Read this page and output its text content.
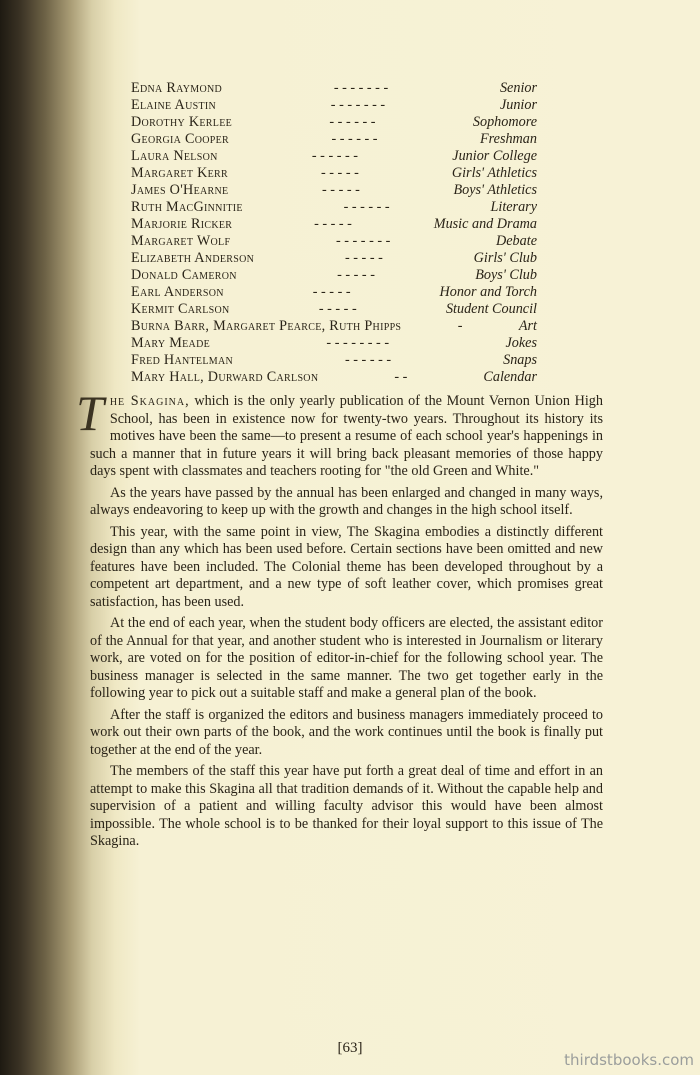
Edna Raymond	- - - - - - -	Senior
Elaine Austin	- - - - - - -	Junior
Dorothy Kerlee	- - - - - -	Sophomore
Georgia Cooper	- - - - - -	Freshman
Laura Nelson	- - - - - -	Junior College
Margaret Kerr	- - - - -	Girls' Athletics
James O'Hearne	- - - - -	Boys' Athletics
Ruth MacGinnitie	- - - - - -	Literary
Marjorie Ricker	- - - - -	Music and Drama
Margaret Wolf	- - - - - - -	Debate
Elizabeth Anderson	- - - - -	Girls' Club
Donald Cameron	- - - - -	Boys' Club
Earl Anderson	- - - - -	Honor and Torch
Kermit Carlson	- - - - -	Student Council
Burna Barr, Margaret Pearce, Ruth Phipps	-	Art
Mary Meade	- - - - - - - -	Jokes
Fred Hantelman	- - - - - -	Snaps
Mary Hall, Durward Carlson	- -	Calendar

The Skagina, which is the only yearly publication of the Mount Vernon Union High School, has been in existence now for twenty-two years. Throughout its history its motives have been the same—to present a resume of each school year's happenings in such a manner that in future years it will bring back pleasant memories of those happy days spent with classmates and teachers rooting for "the old Green and White."

As the years have passed by the annual has been enlarged and changed in many ways, always endeavoring to keep up with the growth and changes in the high school itself.

This year, with the same point in view, The Skagina embodies a distinctly different design than any which has been used before. Certain sections have been omitted and new features have been included. The Colonial theme has been developed throughout by a competent art department, and a new type of soft leather cover, which promises great satisfaction, has been used.

At the end of each year, when the student body officers are elected, the assistant editor of the Annual for that year, and another student who is interested in Journalism or literary work, are voted on for the position of editor-in-chief for the following school year. The business manager is selected in the same manner. The two get together early in the following year to pick out a suitable staff and make a general plan of the book.

After the staff is organized the editors and business managers immediately proceed to work out their own parts of the book, and the work continues until the book is finally put together at the end of the year.

The members of the staff this year have put forth a great deal of time and effort in an attempt to make this Skagina all that tradition demands of it. Without the capable help and supervision of a patient and willing faculty advisor this would have been almost impossible. The whole school is to be thanked for their loyal support to this issue of The Skagina.

[63]
thirdstbooks.com
